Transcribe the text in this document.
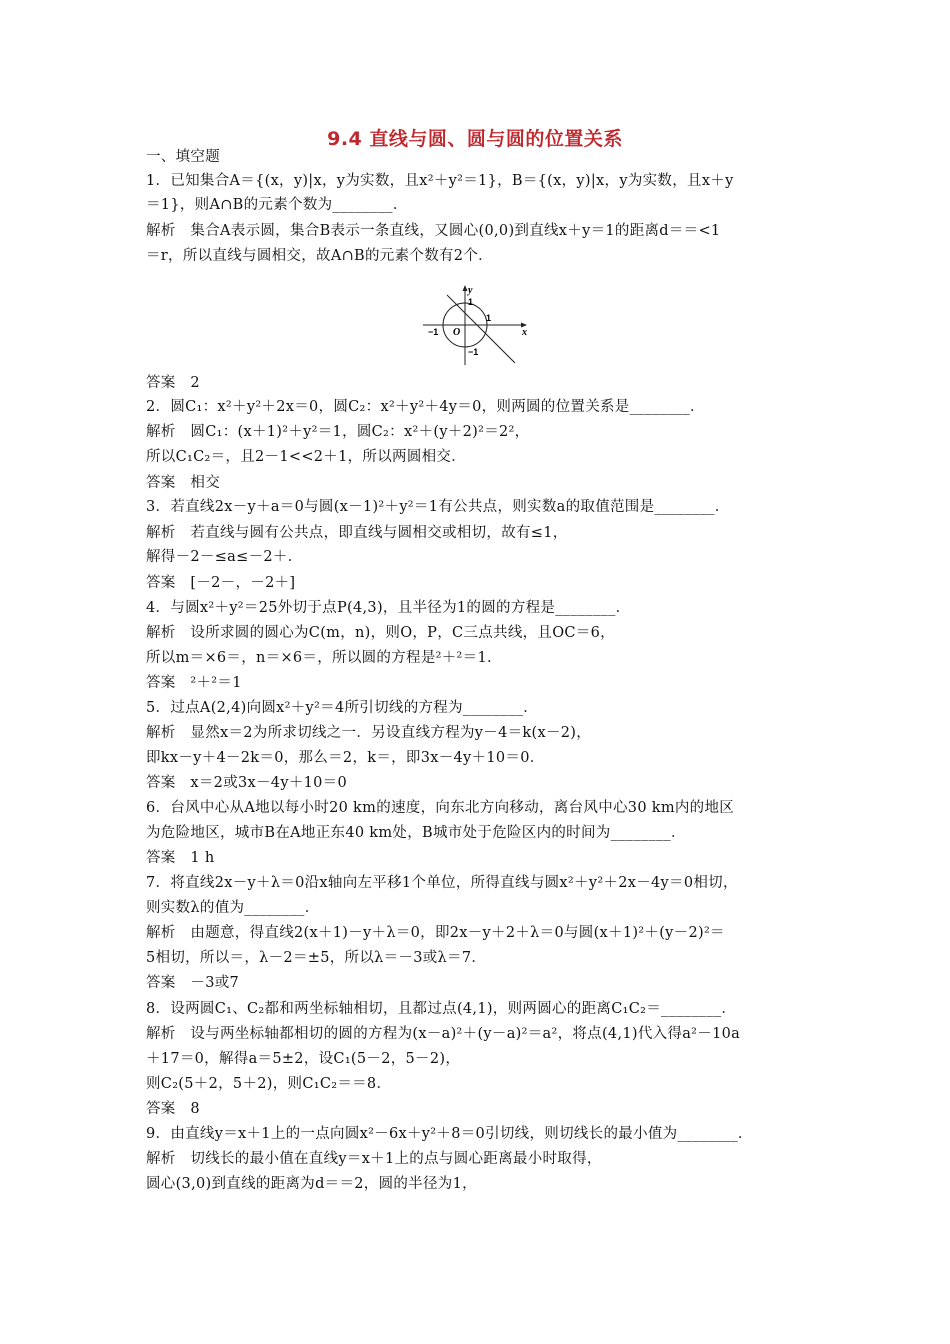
9.4 直线与圆、圆与圆的位置关系
一、填空题
1．已知集合A＝{(x，y)|x，y为实数，且x²＋y²＝1}，B＝{(x，y)|x，y为实数，且x＋y
＝1}，则A∩B的元素个数为________．
解析　集合A表示圆，集合B表示一条直线，又圆心(0,0)到直线x＋y＝1的距离d＝＝<1
＝r，所以直线与圆相交，故A∩B的元素个数有2个．
答案　2
2．圆C₁：x²＋y²＋2x＝0，圆C₂：x²＋y²＋4y＝0，则两圆的位置关系是________．
解析　圆C₁：(x＋1)²＋y²＝1，圆C₂：x²＋(y＋2)²＝2²，
所以C₁C₂＝，且2－1<<2＋1，所以两圆相交．
答案　相交
3．若直线2x－y＋a＝0与圆(x－1)²＋y²＝1有公共点，则实数a的取值范围是________．
解析　若直线与圆有公共点，即直线与圆相交或相切，故有≤1，
解得－2－≤a≤－2＋．
答案　[－2－，－2＋]
4．与圆x²＋y²＝25外切于点P(4,3)，且半径为1的圆的方程是________．
解析　设所求圆的圆心为C(m，n)，则O，P，C三点共线，且OC＝6，
所以m＝×6＝，n＝×6＝，所以圆的方程是²＋²＝1.
答案　²＋²＝1
5．过点A(2,4)向圆x²＋y²＝4所引切线的方程为________．
解析　显然x＝2为所求切线之一．另设直线方程为y－4＝k(x－2)，
即kx－y＋4－2k＝0，那么＝2，k＝，即3x－4y＋10＝0．
答案　x＝2或3x－4y＋10＝0
6．台风中心从A地以每小时20 km的速度，向东北方向移动，离台风中心30 km内的地区
为危险地区，城市B在A地正东40 km处，B城市处于危险区内的时间为________．
答案　1 h
7．将直线2x－y＋λ＝0沿x轴向左平移1个单位，所得直线与圆x²＋y²＋2x－4y＝0相切，
则实数λ的值为________．
解析　由题意，得直线2(x＋1)－y＋λ＝0，即2x－y＋2＋λ＝0与圆(x＋1)²＋(y－2)²＝
5相切，所以＝，λ－2＝±5，所以λ＝－3或λ＝7．
答案　－3或7
8．设两圆C₁、C₂都和两坐标轴相切，且都过点(4,1)，则两圆心的距离C₁C₂＝________．
解析　设与两坐标轴都相切的圆的方程为(x－a)²＋(y－a)²＝a²，将点(4,1)代入得a²－10a
＋17＝0，解得a＝5±2，设C₁(5－2，5－2)，
则C₂(5＋2，5＋2)，则C₁C₂＝＝8．
答案　8
9．由直线y＝x＋1上的一点向圆x²－6x＋y²＋8＝0引切线，则切线长的最小值为________．
解析　切线长的最小值在直线y＝x＋1上的点与圆心距离最小时取得，
圆心(3,0)到直线的距离为d＝＝2，圆的半径为1，
x
y
O
1
−1
1
−1
